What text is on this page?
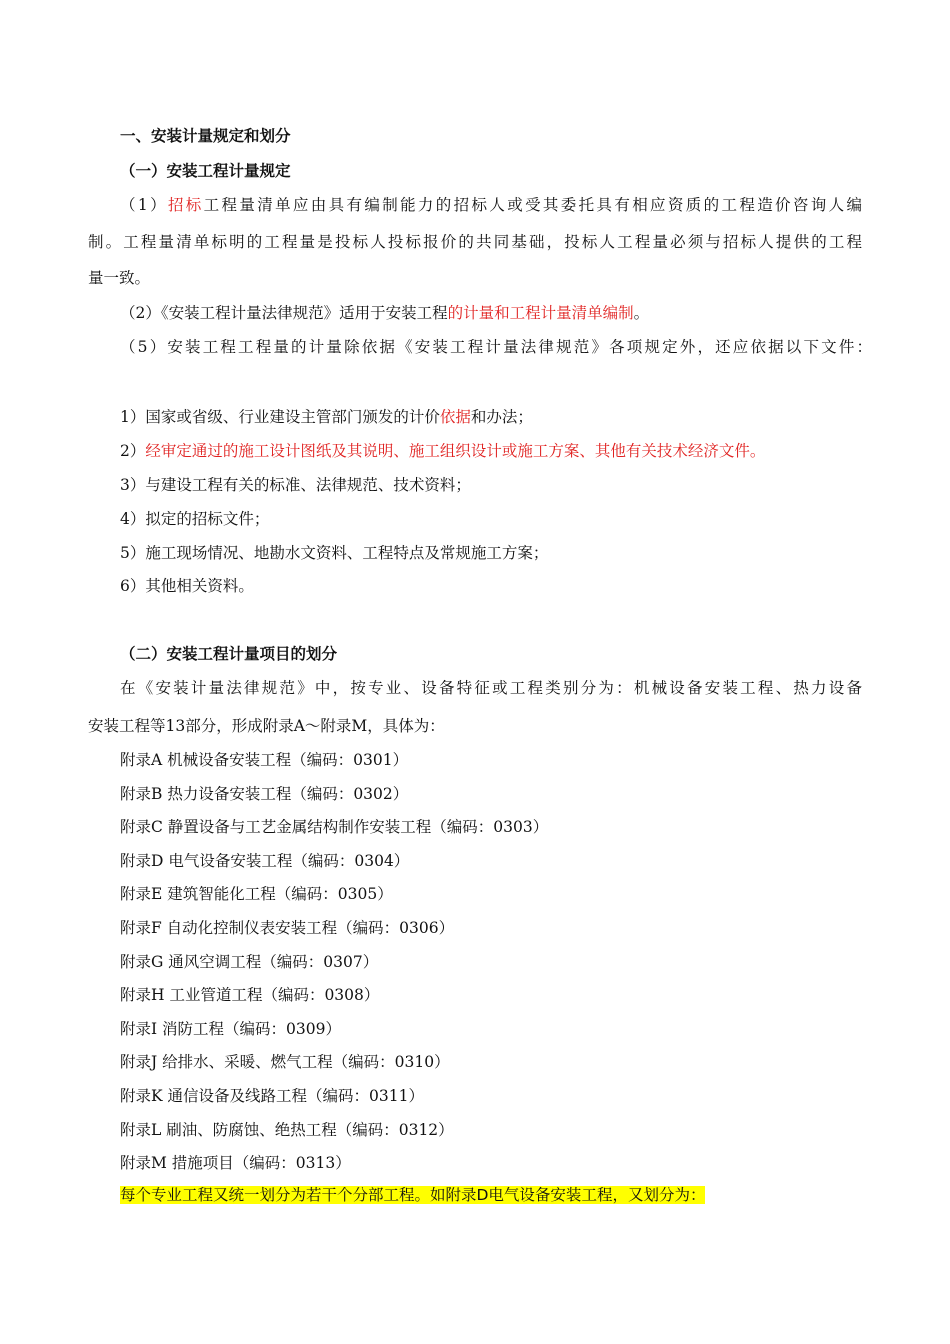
一、安装计量规定和划分
（一）安装工程计量规定
（1）招标工程量清单应由具有编制能力的招标人或受其委托具有相应资质的工程造价咨询人编
制。工程量清单标明的工程量是投标人投标报价的共同基础，投标人工程量必须与招标人提供的工程
量一致。
（2）《安装工程计量法律规范》适用于安装工程的计量和工程计量清单编制。
（5）安装工程工程量的计量除依据《安装工程计量法律规范》各项规定外，还应依据以下文件：
1）国家或省级、行业建设主管部门颁发的计价依据和办法；
2）经审定通过的施工设计图纸及其说明、施工组织设计或施工方案、其他有关技术经济文件。
3）与建设工程有关的标准、法律规范、技术资料；
4）拟定的招标文件；
5）施工现场情况、地勘水文资料、工程特点及常规施工方案；
6）其他相关资料。
（二）安装工程计量项目的划分
在《安装计量法律规范》中，按专业、设备特征或工程类别分为：机械设备安装工程、热力设备
安装工程等13部分，形成附录A～附录M，具体为：
附录A 机械设备安装工程（编码：0301）
附录B 热力设备安装工程（编码：0302）
附录C 静置设备与工艺金属结构制作安装工程（编码：0303）
附录D 电气设备安装工程（编码：0304）
附录E 建筑智能化工程（编码：0305）
附录F 自动化控制仪表安装工程（编码：0306）
附录G 通风空调工程（编码：0307）
附录H 工业管道工程（编码：0308）
附录I 消防工程（编码：0309）
附录J 给排水、采暖、燃气工程（编码：0310）
附录K 通信设备及线路工程（编码：0311）
附录L 刷油、防腐蚀、绝热工程（编码：0312）
附录M 措施项目（编码：0313）
每个专业工程又统一划分为若干个分部工程。如附录D电气设备安装工程，又划分为：
